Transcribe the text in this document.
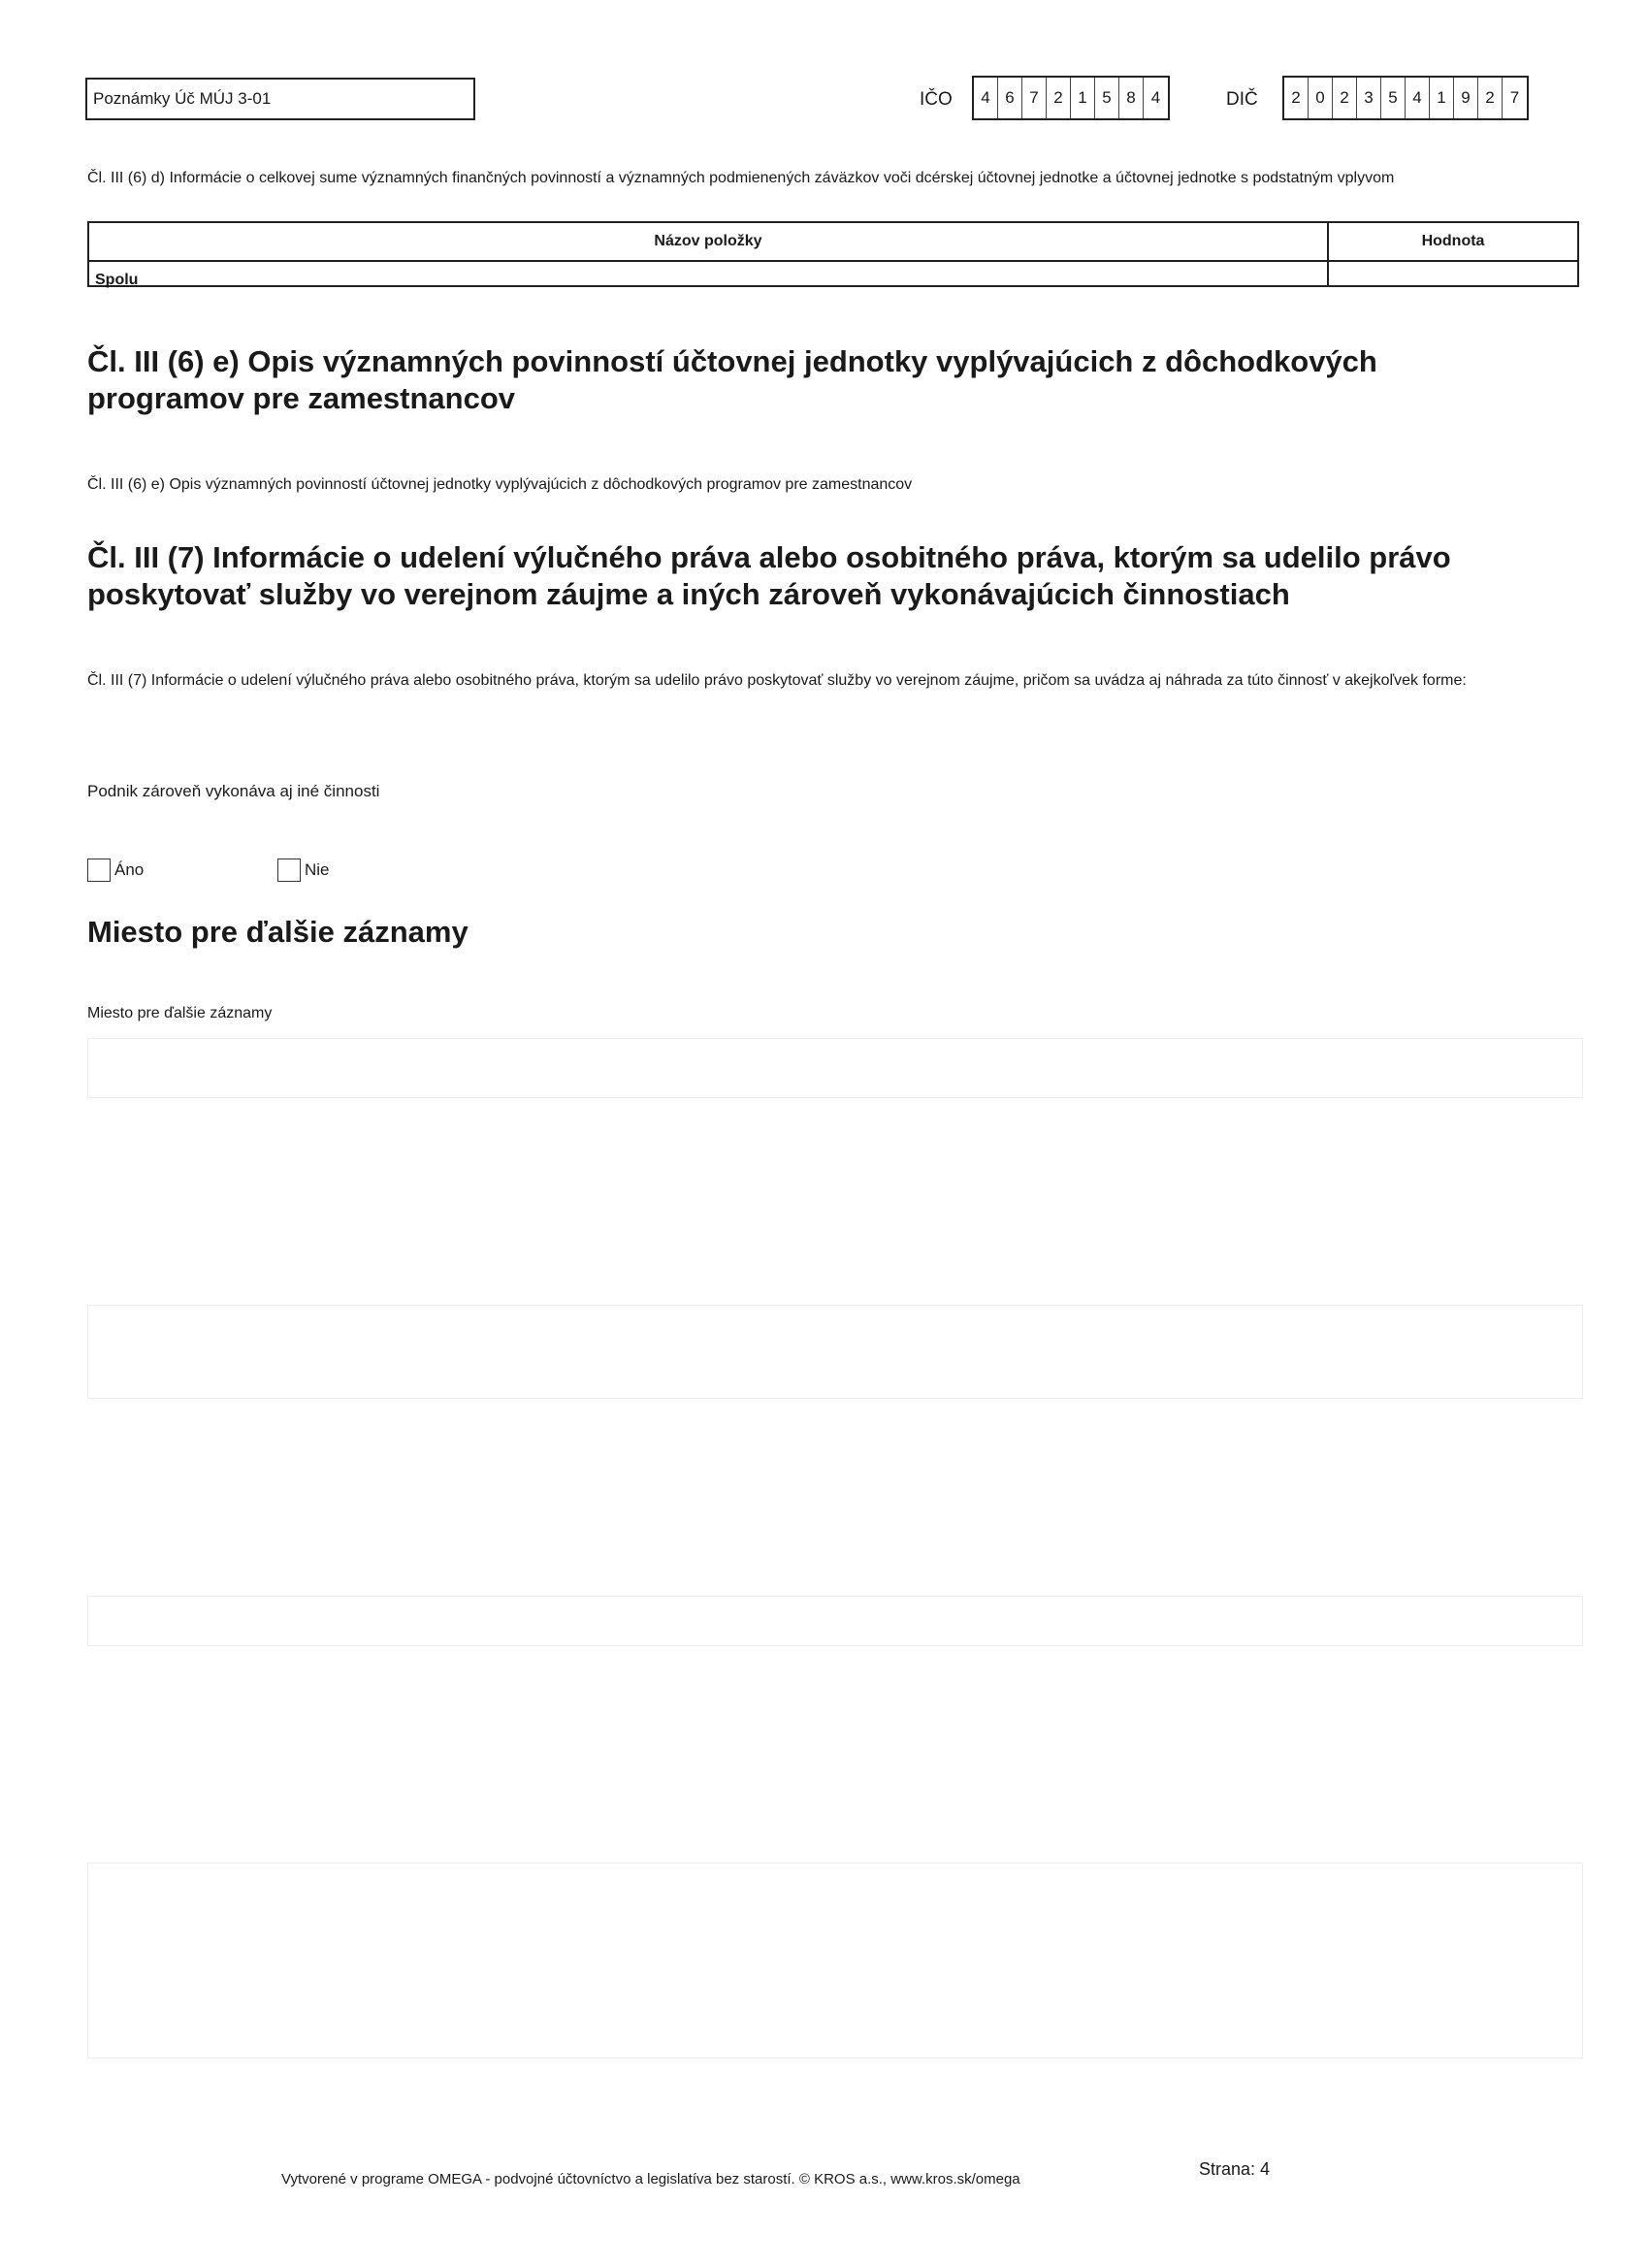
Poznámky Úč MÚJ 3-01	IČO	4 6 7 2 1 5 8 4	DIČ	2 0 2 3 5 4 1 9 2 7
Čl. III (6) d) Informácie o celkovej sume významných finančných povinností a významných podmienených záväzkov voči dcérskej účtovnej jednotke a účtovnej jednotke s podstatným vplyvom
Názov položky	Hodnota
Spolu
Čl. III (6) e) Opis významných povinností účtovnej jednotky vyplývajúcich z dôchodkových programov pre zamestnancov
Čl. III (6) e) Opis významných povinností účtovnej jednotky vyplývajúcich z dôchodkových programov pre zamestnancov
Čl. III (7) Informácie o udelení výlučného práva alebo osobitného práva, ktorým sa udelilo právo poskytovať služby vo verejnom záujme a iných zároveň vykonávajúcich činnostiach
Čl. III (7) Informácie o udelení výlučného práva alebo osobitného práva, ktorým sa udelilo právo poskytovať služby vo verejnom záujme, pričom sa uvádza aj náhrada za túto činnosť v akejkoľvek forme:
Podnik zároveň vykonáva aj iné činnosti
Áno	Nie
Miesto pre ďalšie záznamy
Miesto pre ďalšie záznamy
Vytvorené v programe OMEGA - podvojné účtovníctvo a legislatíva bez starostí. © KROS a.s., www.kros.sk/omega
Strana: 4
